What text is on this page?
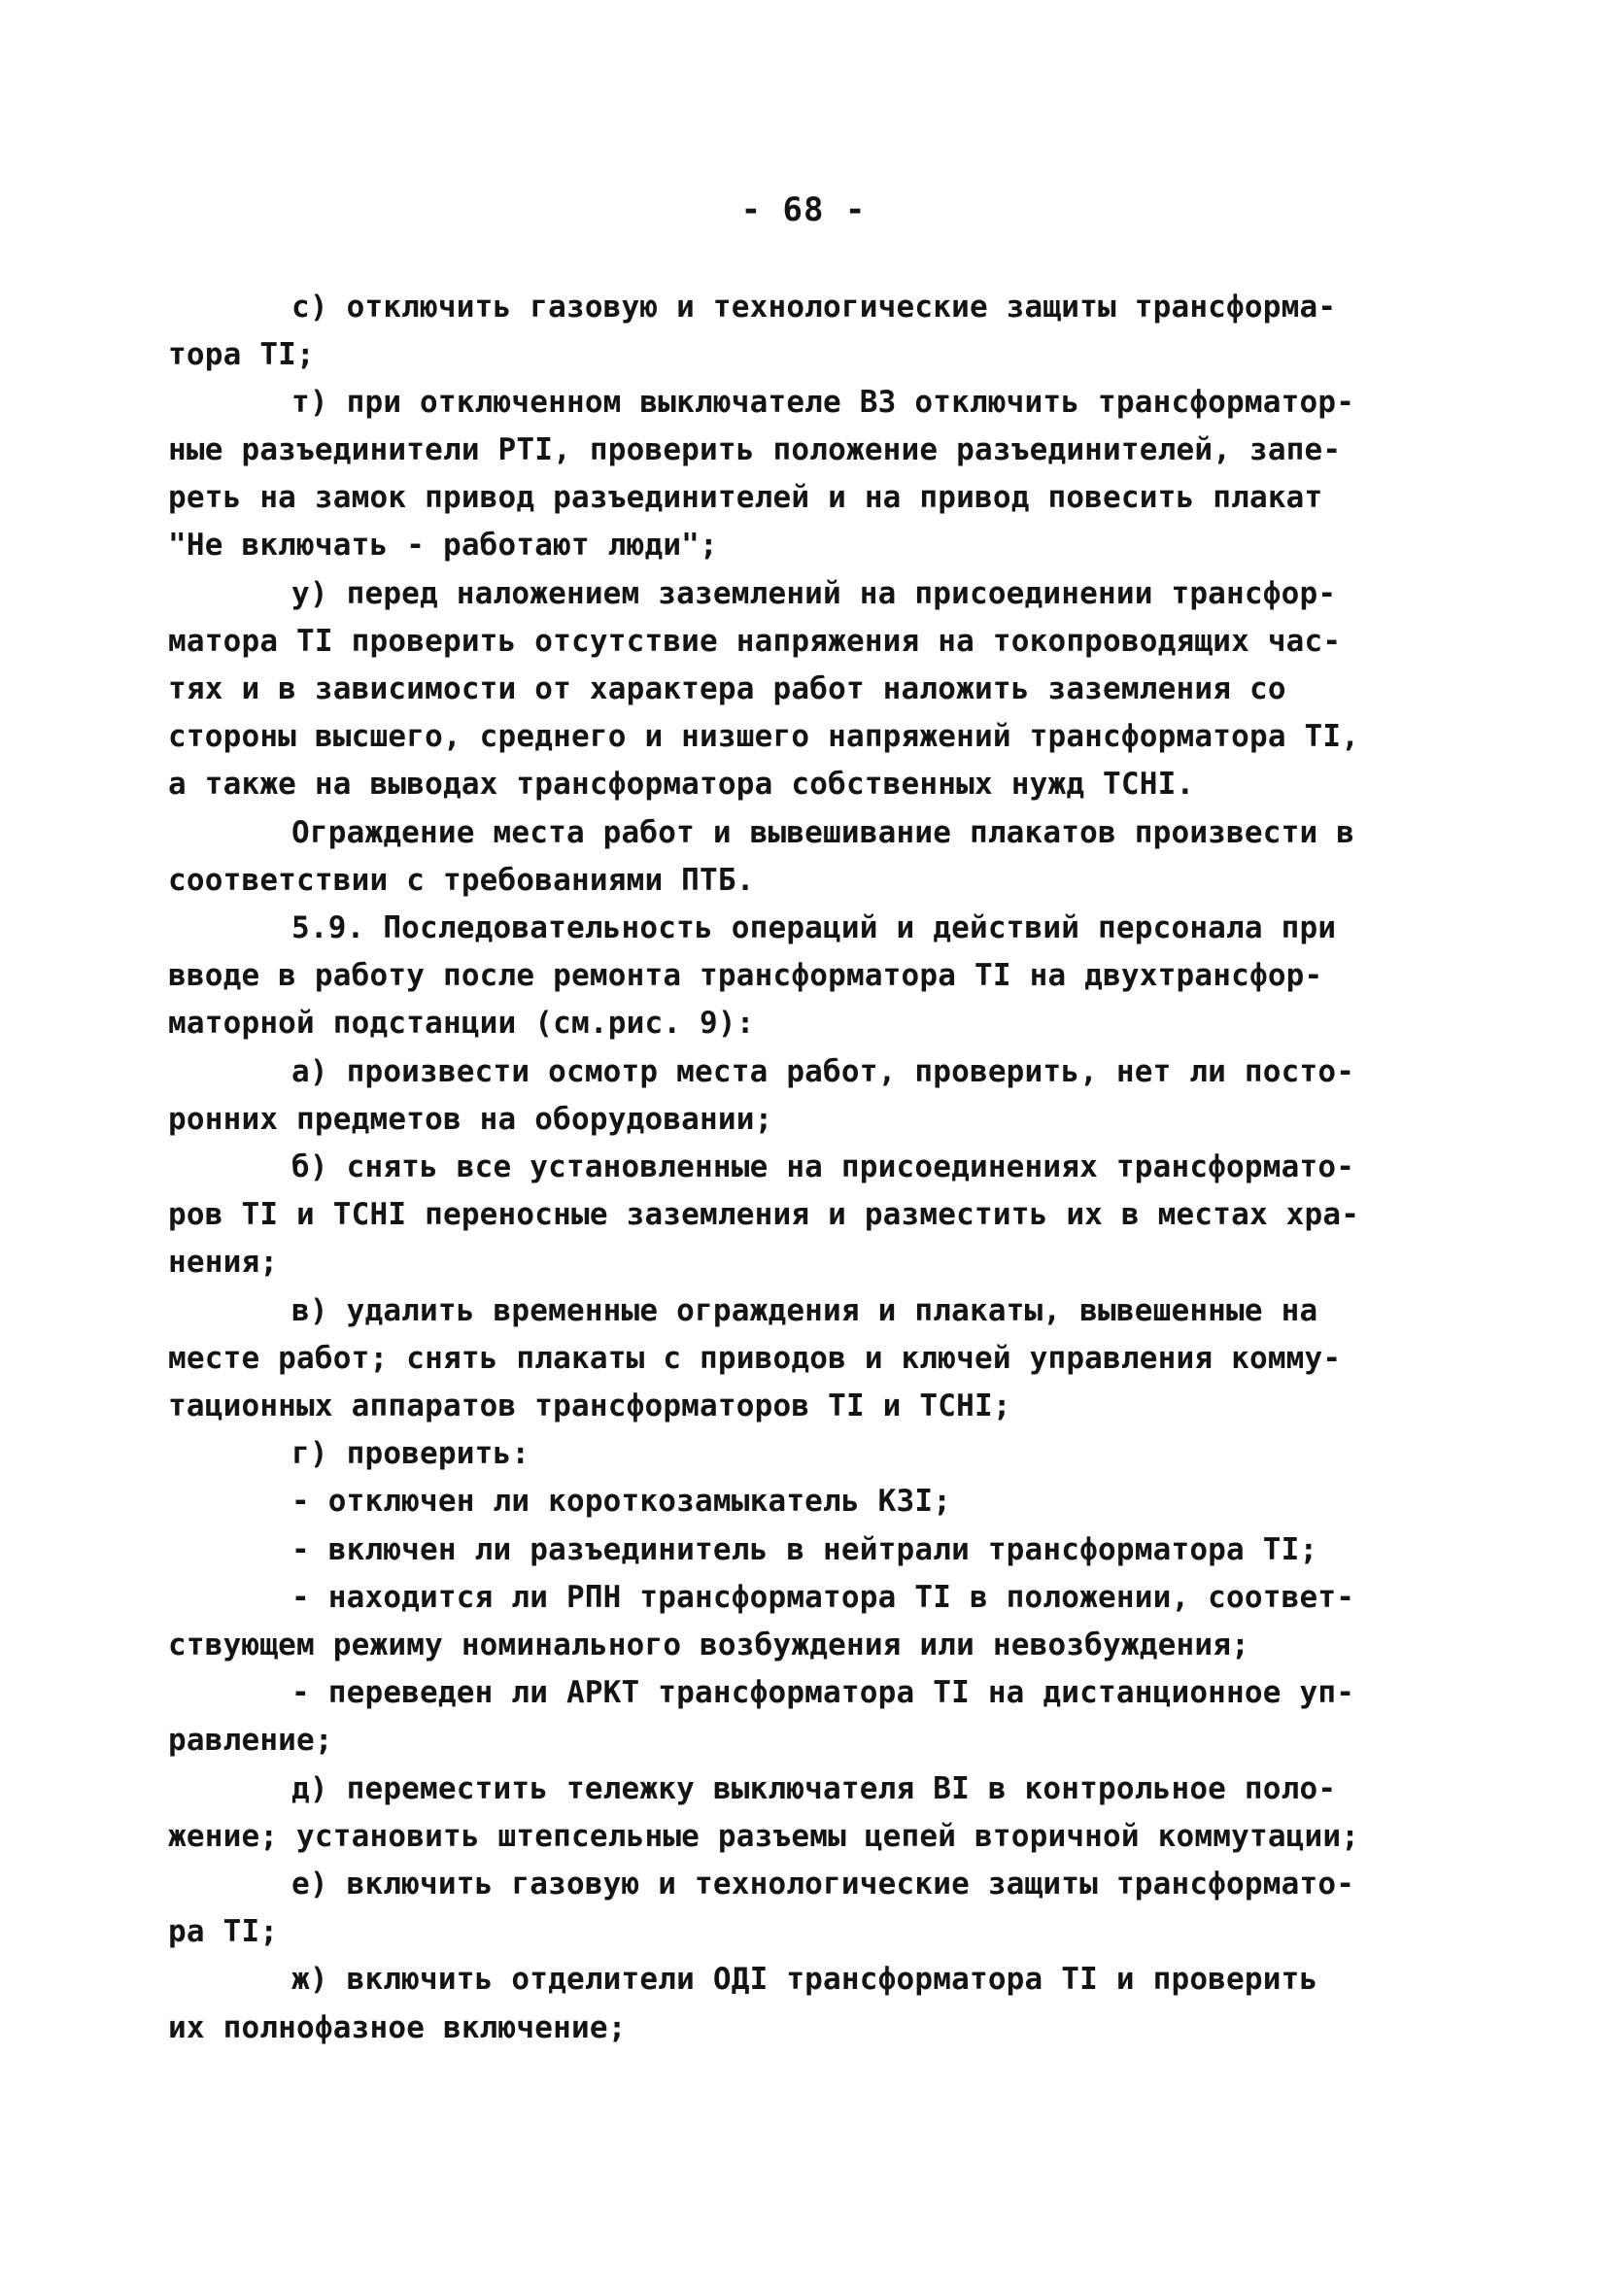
- 68 -
с) отключить газовую и технологические защиты трансформа-
тора ТI;
т) при отключенном выключателе В3 отключить трансформатор-
ные разъединители РТI, проверить положение разъединителей, запе-
реть на замок привод разъединителей и на привод повесить плакат
"Не включать - работают люди";
у) перед наложением заземлений на присоединении трансфор-
матора ТI проверить отсутствие напряжения на токопроводящих час-
тях и в зависимости от характера работ наложить заземления со
стороны высшего, среднего и низшего напряжений трансформатора ТI,
а также на выводах трансформатора собственных нужд ТСНI.
Ограждение места работ и вывешивание плакатов произвести в
соответствии с требованиями ПТБ.
5.9. Последовательность операций и действий персонала при
вводе в работу после ремонта трансформатора ТI на двухтрансфор-
маторной подстанции (см.рис. 9):
а) произвести осмотр места работ, проверить, нет ли посто-
ронних предметов на оборудовании;
б) снять все установленные на присоединениях трансформато-
ров ТI и ТСНI переносные заземления и разместить их в местах хра-
нения;
в) удалить временные ограждения и плакаты, вывешенные на
месте работ; снять плакаты с приводов и ключей управления комму-
тационных аппаратов трансформаторов ТI и ТСНI;
г) проверить:
- отключен ли короткозамыкатель КЗI;
- включен ли разъединитель в нейтрали трансформатора ТI;
- находится ли РПН трансформатора ТI в положении, соответ-
ствующем режиму номинального возбуждения или невозбуждения;
- переведен ли АРКТ трансформатора ТI на дистанционное уп-
равление;
д) переместить тележку выключателя ВI в контрольное поло-
жение; установить штепсельные разъемы цепей вторичной коммутации;
е) включить газовую и технологические защиты трансформато-
ра ТI;
ж) включить отделители ОДI трансформатора ТI и проверить
их полнофазное включение;
